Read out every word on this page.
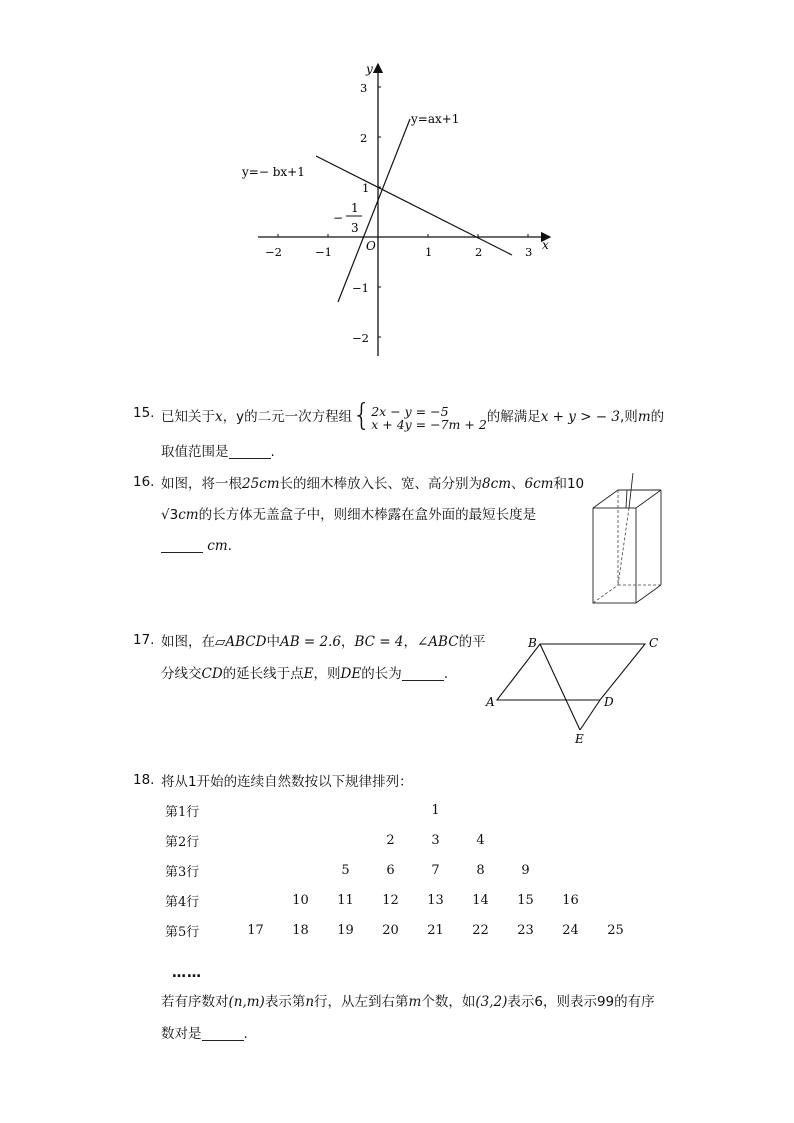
x
y
O
y=ax+1
y=− bx+1
−2	−1	1	2	3
3
2
1
−1
−2
−
1
3
15. 已知关于x，y的二元一次方程组{ 2x − y = −5
x + 4y = −7m + 2 的解满足x + y > − 3,则m的
取值范围是	.
16. 如图，将一根25cm长的细木棒放入长、宽、高分别为8cm、6cm和10
√3cm的长方体无盖盒子中，则细木棒露在盒外面的最短长度是
cm.
17. 如图，在▱ABCD中AB = 2.6，BC = 4，∠ABC的平
分线交CD的延长线于点E，则DE的长为	.
A
B	C
D
E
18. 将从1开始的连续自然数按以下规律排列：
第1行					1				
第2行				2	3	4			
第3行			5	6	7	8	9		
第4行		10	11	12	13	14	15	16	
第5行	17	18	19	20	21	22	23	24	25
……
若有序数对(n,m)表示第n行，从左到右第m个数，如(3,2)表示6，则表示99的有序
数对是	.
